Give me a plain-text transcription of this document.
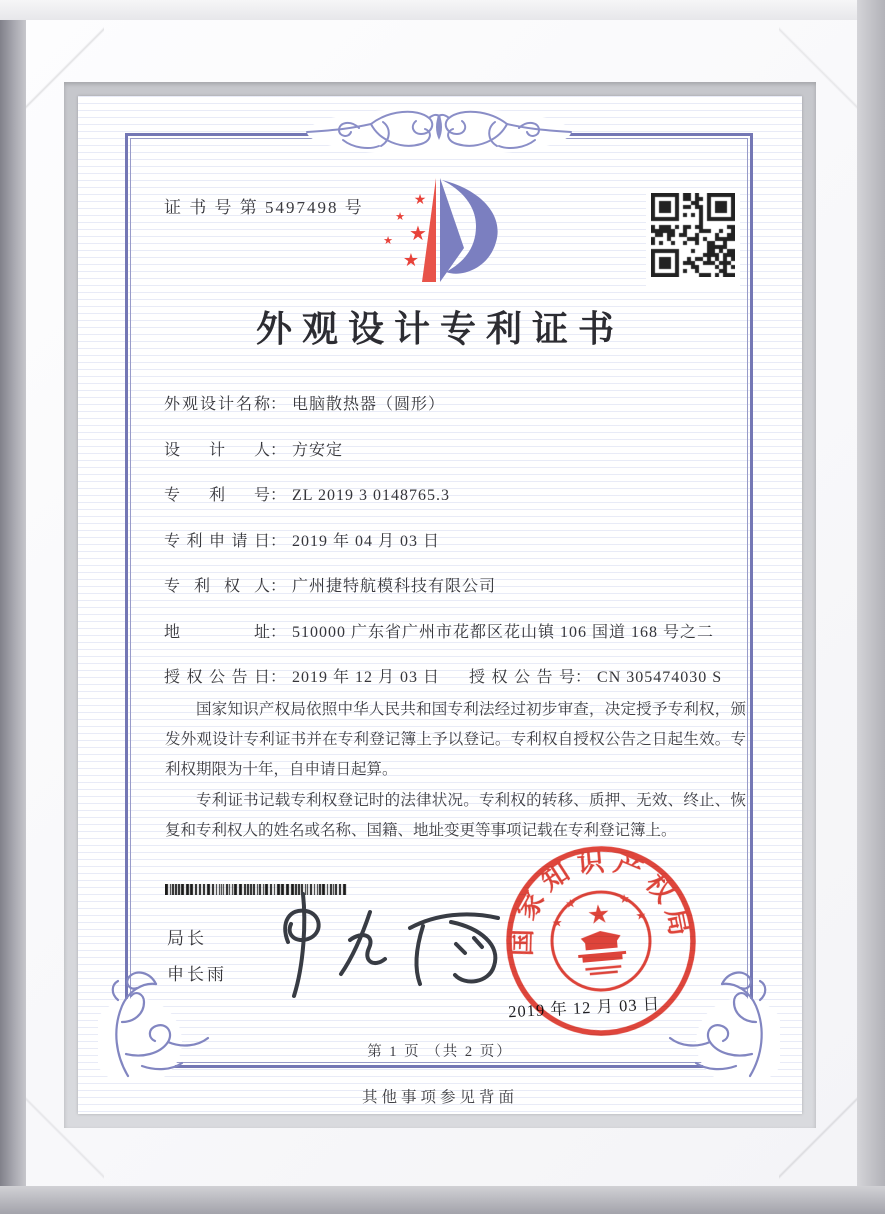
证 书 号 第 5497498 号	★
★
★
★
★
外观设计专利证书
外观设计名称： 电脑散热器（圆形）
设计人： 方安定
专利号： ZL 2019 3 0148765.3
专利申请日： 2019 年 04 月 03 日
专利权人： 广州捷特航模科技有限公司
地址： 510000 广东省广州市花都区花山镇 106 国道 168 号之二
授权公告日： 2019 年 12 月 03 日 授权公告号： CN 305474030 S

国家知识产权局依照中华人民共和国专利法经过初步审查，决定授予专利权，颁发外观设计专利证书并在专利登记簿上予以登记。专利权自授权公告之日起生效。专利权期限为十年，自申请日起算。

专利证书记载专利权登记时的法律状况。专利权的转移、质押、无效、终止、恢复和专利权人的姓名或名称、国籍、地址变更等事项记载在专利登记簿上。

局长
申长雨
2019 年 12 月 03 日
国家知识产权局
★
★
★
★
★
第 1 页 （共 2 页）
其他事项参见背面
